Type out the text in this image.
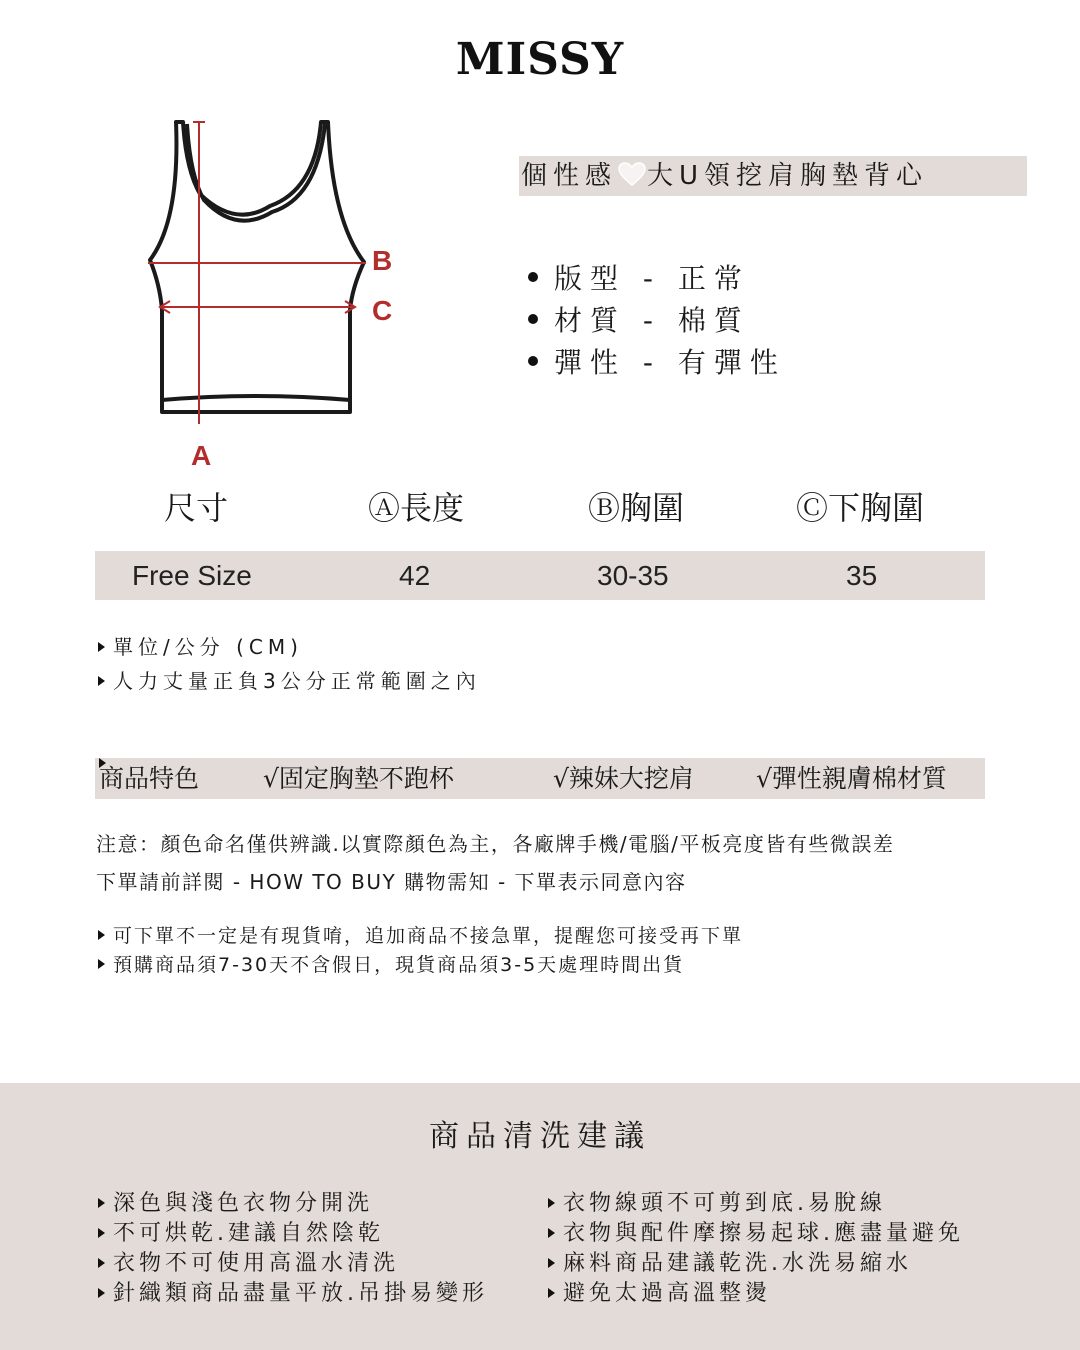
MISSY
B
C
A
個性感 大U領挖肩胸墊背心
版型 - 正常
材質 - 棉質
彈性 - 有彈性
尺寸	Ⓐ長度	Ⓑ胸圍	Ⓒ下胸圍
Free Size	42	30-35	35
單位/公分 (CM)
人力丈量正負3公分正常範圍之內
商品特色	√固定胸墊不跑杯	√辣妹大挖肩 √彈性親膚棉材質
注意：顏色命名僅供辨識.以實際顏色為主，各廠牌手機/電腦/平板亮度皆有些微誤差
下單請前詳閱 - HOW TO BUY 購物需知 - 下單表示同意內容
可下單不一定是有現貨唷，追加商品不接急單，提醒您可接受再下單
預購商品須7-30天不含假日，現貨商品須3-5天處理時間出貨
商品清洗建議
深色與淺色衣物分開洗
不可烘乾.建議自然陰乾
衣物不可使用高溫水清洗
針織類商品盡量平放.吊掛易變形
衣物線頭不可剪到底.易脫線
衣物與配件摩擦易起球.應盡量避免
麻料商品建議乾洗.水洗易縮水
避免太過高溫整燙
